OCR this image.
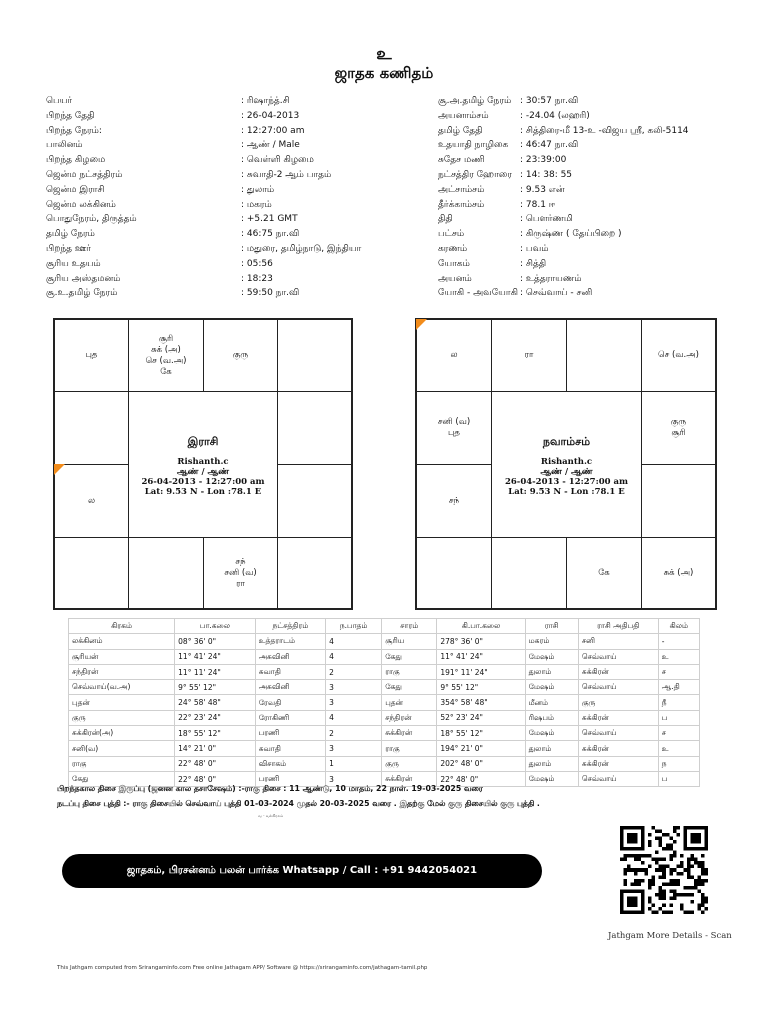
உ
ஜாதக கணிதம்
பெயர்	: ரிஷாந்த்.சி
பிறந்த தேதி	: 26-04-2013
பிறந்த நேரம்:	: 12:27:00 am
பாலினம்	: ஆண் / Male
பிறந்த கிழமை	: வெள்ளி கிழமை
ஜென்ம நட்சத்திரம்	: சுவாதி-2 ஆம் பாதம்
ஜென்ம இராசி	: துலாம்
ஜென்ம லக்கினம்	: மகரம்
பொதுநேரம், திருத்தம்	: +5.21 GMT
தமிழ் நேரம்	: 46:75 நா.வி
பிறந்த ஊர்	: மதுரை, தமிழ்நாடு, இந்தியா
சூரிய உதயம்	: 05:56
சூரிய அஸ்தமனம்	: 18:23
சூ.உ.தமிழ் நேரம்	: 59:50 நா.வி
சூ.அ.தமிழ் நேரம் : 30:57 நா.வி
அயனாம்சம்	: -24.04 (லஹரி)
தமிழ் தேதி	: சித்திரை-மீ 13-உ -விஜய ஸ்ரீ, கலி-5114
உதயாதி நாழிகை	: 46:47 நா.வி
சுதேச மணி	: 23:39:00
நட்சத்திர ஹோரை : 14: 38: 55
அட்சாம்சம்	: 9.53 என்
தீர்க்காம்சம்	: 78.1 ஈ
திதி	: பௌர்ணமி
பட்சம்	: கிருஷ்ண ( தேய்பிறை )
கரணம்	: பவம்
யோகம்	: சித்தி
அயனம்	: உத்தராயணம்
யோகி - அவயோகி : செவ்வாய் - சனி
புத
சூரி
சுக் (அ)
செ (வ.அ)
கே
குரு
ல
சந்
சனி (வ)
ரா
இராசி
Rishanth.c
ஆண் / ஆண்
26-04-2013 - 12:27:00 am
Lat: 9.53 N - Lon :78.1 E
ல	ரா	செ (வ.அ)
சனி (வ)
புத
குரு
சூரி
சந்
கே	சுக் (அ)
நவாம்சம்
Rishanth.c
ஆண் / ஆண்
26-04-2013 - 12:27:00 am
Lat: 9.53 N - Lon :78.1 E
கிரகம்	பா.கலை	நட்சத்திரம்	ந.பாதம்	சாரம்	கி.பா.கலை	ராசி	ராசி அதிபதி	கிலம்
லக்கினம்	08° 36' 0"	உத்தராடம்	4	சூரிய	278° 36' 0"	மகரம்	சனி	-
சூரியன்	11° 41' 24"	அசுவினி	4	கேது	11° 41' 24"	மேஷம்	செவ்வாய்	உ
சந்திரன்	11° 11' 24"	சுவாதி	2	ராகு	191° 11' 24"	துலாம்	சுக்கிரன்	ச
செவ்வாய்(வ.அ)	9° 55' 12"	அசுவினி	3	கேது	9° 55' 12"	மேஷம்	செவ்வாய்	ஆ.தி
புதன்	24° 58' 48"	ரேவதி	3	புதன்	354° 58' 48"	மீனம்	குரு	நீ
குரு	22° 23' 24"	ரோகிணி	4	சந்திரன்	52° 23' 24"	ரிஷபம்	சுக்கிரன்	ப
சுக்கிரன்(அ)	18° 55' 12"	பரணி	2	சுக்கிரன்	18° 55' 12"	மேஷம்	செவ்வாய்	ச
சனி(வ)	14° 21' 0"	சுவாதி	3	ராகு	194° 21' 0"	துலாம்	சுக்கிரன்	உ
ராகு	22° 48' 0"	விசாகம்	1	குரு	202° 48' 0"	துலாம்	சுக்கிரன்	ந
கேது	22° 48' 0"	பரணி	3	சுக்கிரன்	22° 48' 0"	மேஷம்	செவ்வாய்	ப
பிறந்தகால திசை இருப்பு (ஜனன கால தசாசேஷம்) :-ராகு திசை : 11 ஆண்டு, 10 மாதம், 22 நாள். 19-03-2025 வரை
நடப்பு திசை புத்தி :- ராகு திசையில் செவ்வாய் புத்தி 01-03-2024 முதல் 20-03-2025 வரை . இதற்கு மேல் குரு திசையில் குரு புத்தி .
வ - வக்கிரகம்
ஜாதகம், பிரசன்னம் பலன் பார்க்க Whatsapp / Call : +91 9442054021
Jathgam More Details - Scan
This Jathgam computed from Srirangaminfo.com Free online Jathagam APP/ Software @ https://srirangaminfo.com/jathagam-tamil.php
